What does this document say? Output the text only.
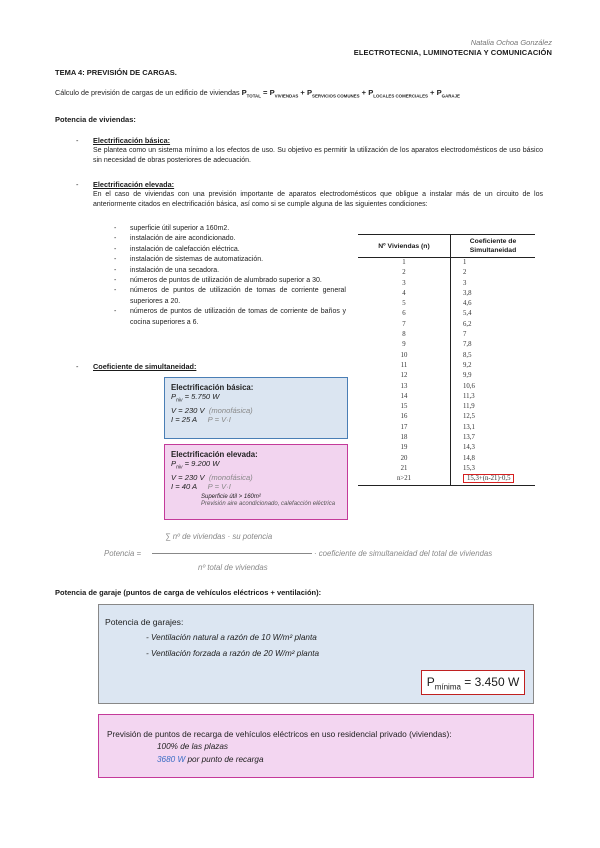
Natalia Ochoa González
ELECTROTECNIA, LUMINOTECNIA Y COMUNICACIÓN
TEMA 4: PREVISIÓN DE CARGAS.
Cálculo de previsión de cargas de un edificio de viviendas $P_{TOTAL} = P_{VIVIENDAS} + P_{SERVICIOS COMUNES} + P_{LOCALES COMERCIALES} + P_{GARAJE}$
Potencia de viviendas:
- Electrificación básica:
Se plantea como un sistema mínimo a los efectos de uso. Su objetivo es permitir la utilización de los aparatos electrodomésticos de uso básico sin necesidad de obras posteriores de adecuación.
- Electrificación elevada:
En el caso de viviendas con una previsión importante de aparatos electrodomésticos que obligue a instalar más de un circuito de los anteriormente citados en electrificación básica, así como si se cumple alguna de las siguientes condiciones:
- superficie útil superior a 160m2.
- instalación de aire acondicionado.
- instalación de calefacción eléctrica.
- instalación de sistemas de automatización.
- instalación de una secadora.
- números de puntos de utilización de alumbrado superior a 30.
- números de puntos de utilización de tomas de corriente general superiores a 20.
- números de puntos de utilización de tomas de corriente de baños y cocina superiores a 6.
Nº Viviendas (n)	Coeficiente de
Simultaneidad
1	1
2	2
3	3
4	3,8
5	4,6
6	5,4
7	6,2
8	7
9	7,8
10	8,5
11	9,2
12	9,9
13	10,6
14	11,3
15	11,9
16	12,5
17	13,1
18	13,7
19	14,3
20	14,8
21	15,3
n>21	15,3+(n-21)·0,5
- Coeficiente de simultaneidad:
Electrificación básica:
$P_{niv} = 5.750$ W
V = 230 V (monofásica)
I = 25 A P = V·I
Electrificación elevada:
$P_{niv} = 9.200$ W
V = 230 V (monofásica)
I = 40 A P = V·I
Superficie útil > 160m²
Previsión aire acondicionado, calefacción eléctrica
∑ nº de viviendas · su potencia
Potencia =	· coeficiente de simultaneidad del total de viviendas
nº total de viviendas
Potencia de garaje (puntos de carga de vehículos eléctricos + ventilación):
Potencia de garajes:
- Ventilación natural a razón de 10 W/m² planta
- Ventilación forzada a razón de 20 W/m² planta
$P_{mínima} = 3.450$ W
Previsión de puntos de recarga de vehículos eléctricos en uso residencial privado (viviendas):
100% de las plazas
3680 W por punto de recarga
